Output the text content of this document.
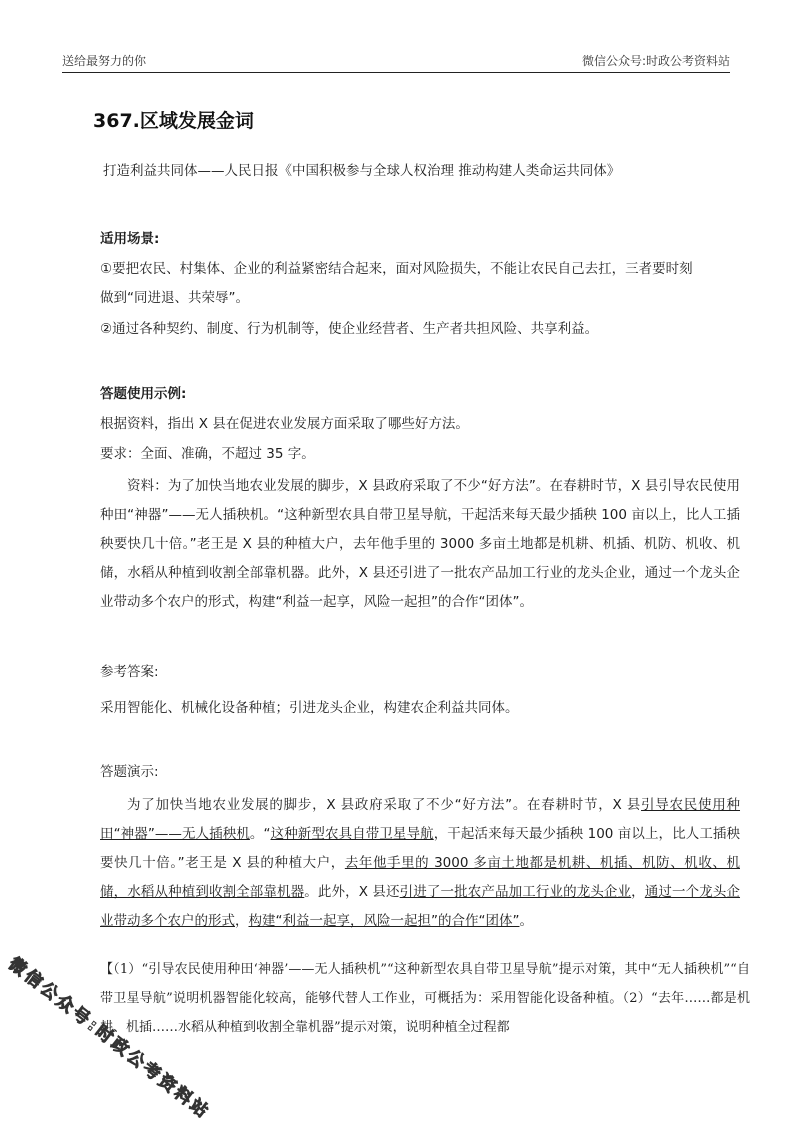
送给最努力的你	微信公众号:时政公考资料站
367.区域发展金词
打造利益共同体——人民日报《中国积极参与全球人权治理 推动构建人类命运共同体》
适用场景:
①要把农民、村集体、企业的利益紧密结合起来，面对风险损失，不能让农民自己去扛，三者要时刻
做到“同进退、共荣辱”。
②通过各种契约、制度、行为机制等，使企业经营者、生产者共担风险、共享利益。
答题使用示例:
根据资料，指出 X 县在促进农业发展方面采取了哪些好方法。
要求：全面、准确，不超过 35 字。
资料：为了加快当地农业发展的脚步，X 县政府采取了不少“好方法”。在春耕时节，X 县引导农民使用种田“神器”——无人插秧机。“这种新型农具自带卫星导航，干起活来每天最少插秧 100 亩以上，比人工插秧要快几十倍。”老王是 X 县的种植大户，去年他手里的 3000 多亩土地都是机耕、机插、机防、机收、机储，水稻从种植到收割全部靠机器。此外，X 县还引进了一批农产品加工行业的龙头企业，通过一个龙头企业带动多个农户的形式，构建“利益一起享，风险一起担”的合作“团体”。
参考答案:
采用智能化、机械化设备种植；引进龙头企业，构建农企利益共同体。
答题演示:
为了加快当地农业发展的脚步，X 县政府采取了不少“好方法”。在春耕时节，X 县引导农民使用种田“神器”——无人插秧机。“这种新型农具自带卫星导航，干起活来每天最少插秧 100 亩以上，比人工插秧要快几十倍。”老王是 X 县的种植大户，去年他手里的 3000 多亩土地都是机耕、机插、机防、机收、机储，水稻从种植到收割全部靠机器。此外，X 县还引进了一批农产品加工行业的龙头企业，通过一个龙头企业带动多个农户的形式，构建“利益一起享，风险一起担”的合作“团体”。
【（1）“引导农民使用种田‘神器’——无人插秧机”“这种新型农具自带卫星导航”提示对策，其中“无人插秧机”“自带卫星导航”说明机器智能化较高，能够代替人工作业，可概括为：采用智能化设备种植。（2）“去年……都是机耕、机插……水稻从种植到收割全靠机器”提示对策，说明种植全过程都
微信公众号:时政公考资料站
